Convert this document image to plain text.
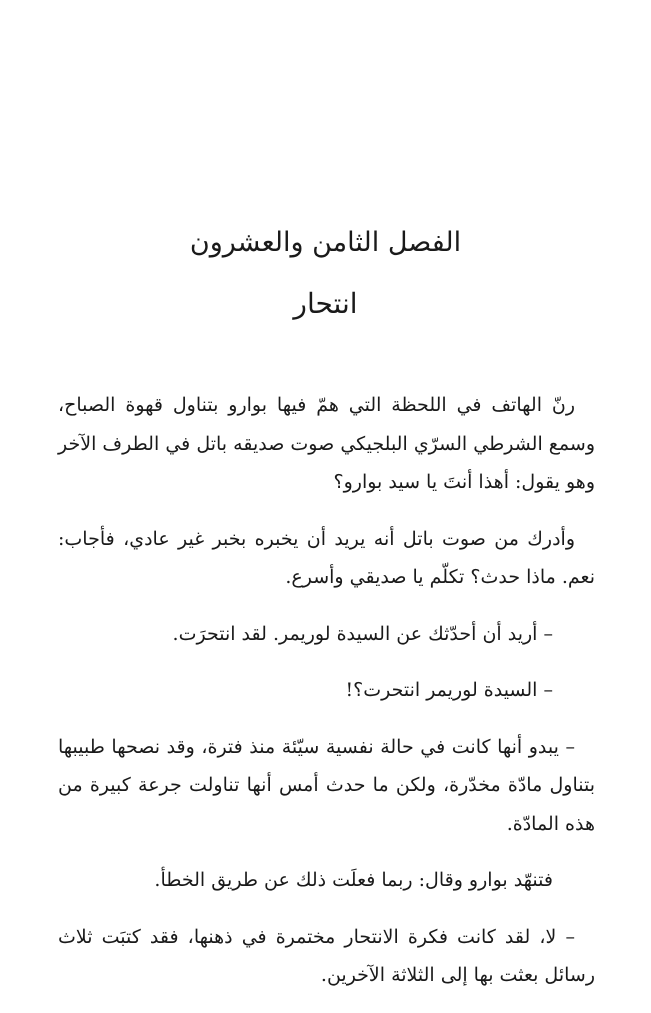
الفصل الثامن والعشرون
انتحار

رنّ الهاتف في اللحظة التي همّ فيها بوارو بتناول قهوة الصباح، وسمع الشرطي السرّي البلجيكي صوت صديقه باتل في الطرف الآخر وهو يقول: أهذا أنتَ يا سيد بوارو؟

وأدرك من صوت باتل أنه يريد أن يخبره بخبر غير عادي، فأجاب: نعم. ماذا حدث؟ تكلّم يا صديقي وأسرع.

– أريد أن أحدّثك عن السيدة لوريمر. لقد انتحرَت.

– السيدة لوريمر انتحرت؟!

– يبدو أنها كانت في حالة نفسية سيّئة منذ فترة، وقد نصحها طبيبها بتناول مادّة مخدّرة، ولكن ما حدث أمس أنها تناولت جرعة كبيرة من هذه المادّة.

فتنهّد بوارو وقال: ربما فعلَت ذلك عن طريق الخطأ.

– لا، لقد كانت فكرة الانتحار مختمرة في ذهنها، فقد كتبَت ثلاث رسائل بعثت بها إلى الثلاثة الآخرين.
